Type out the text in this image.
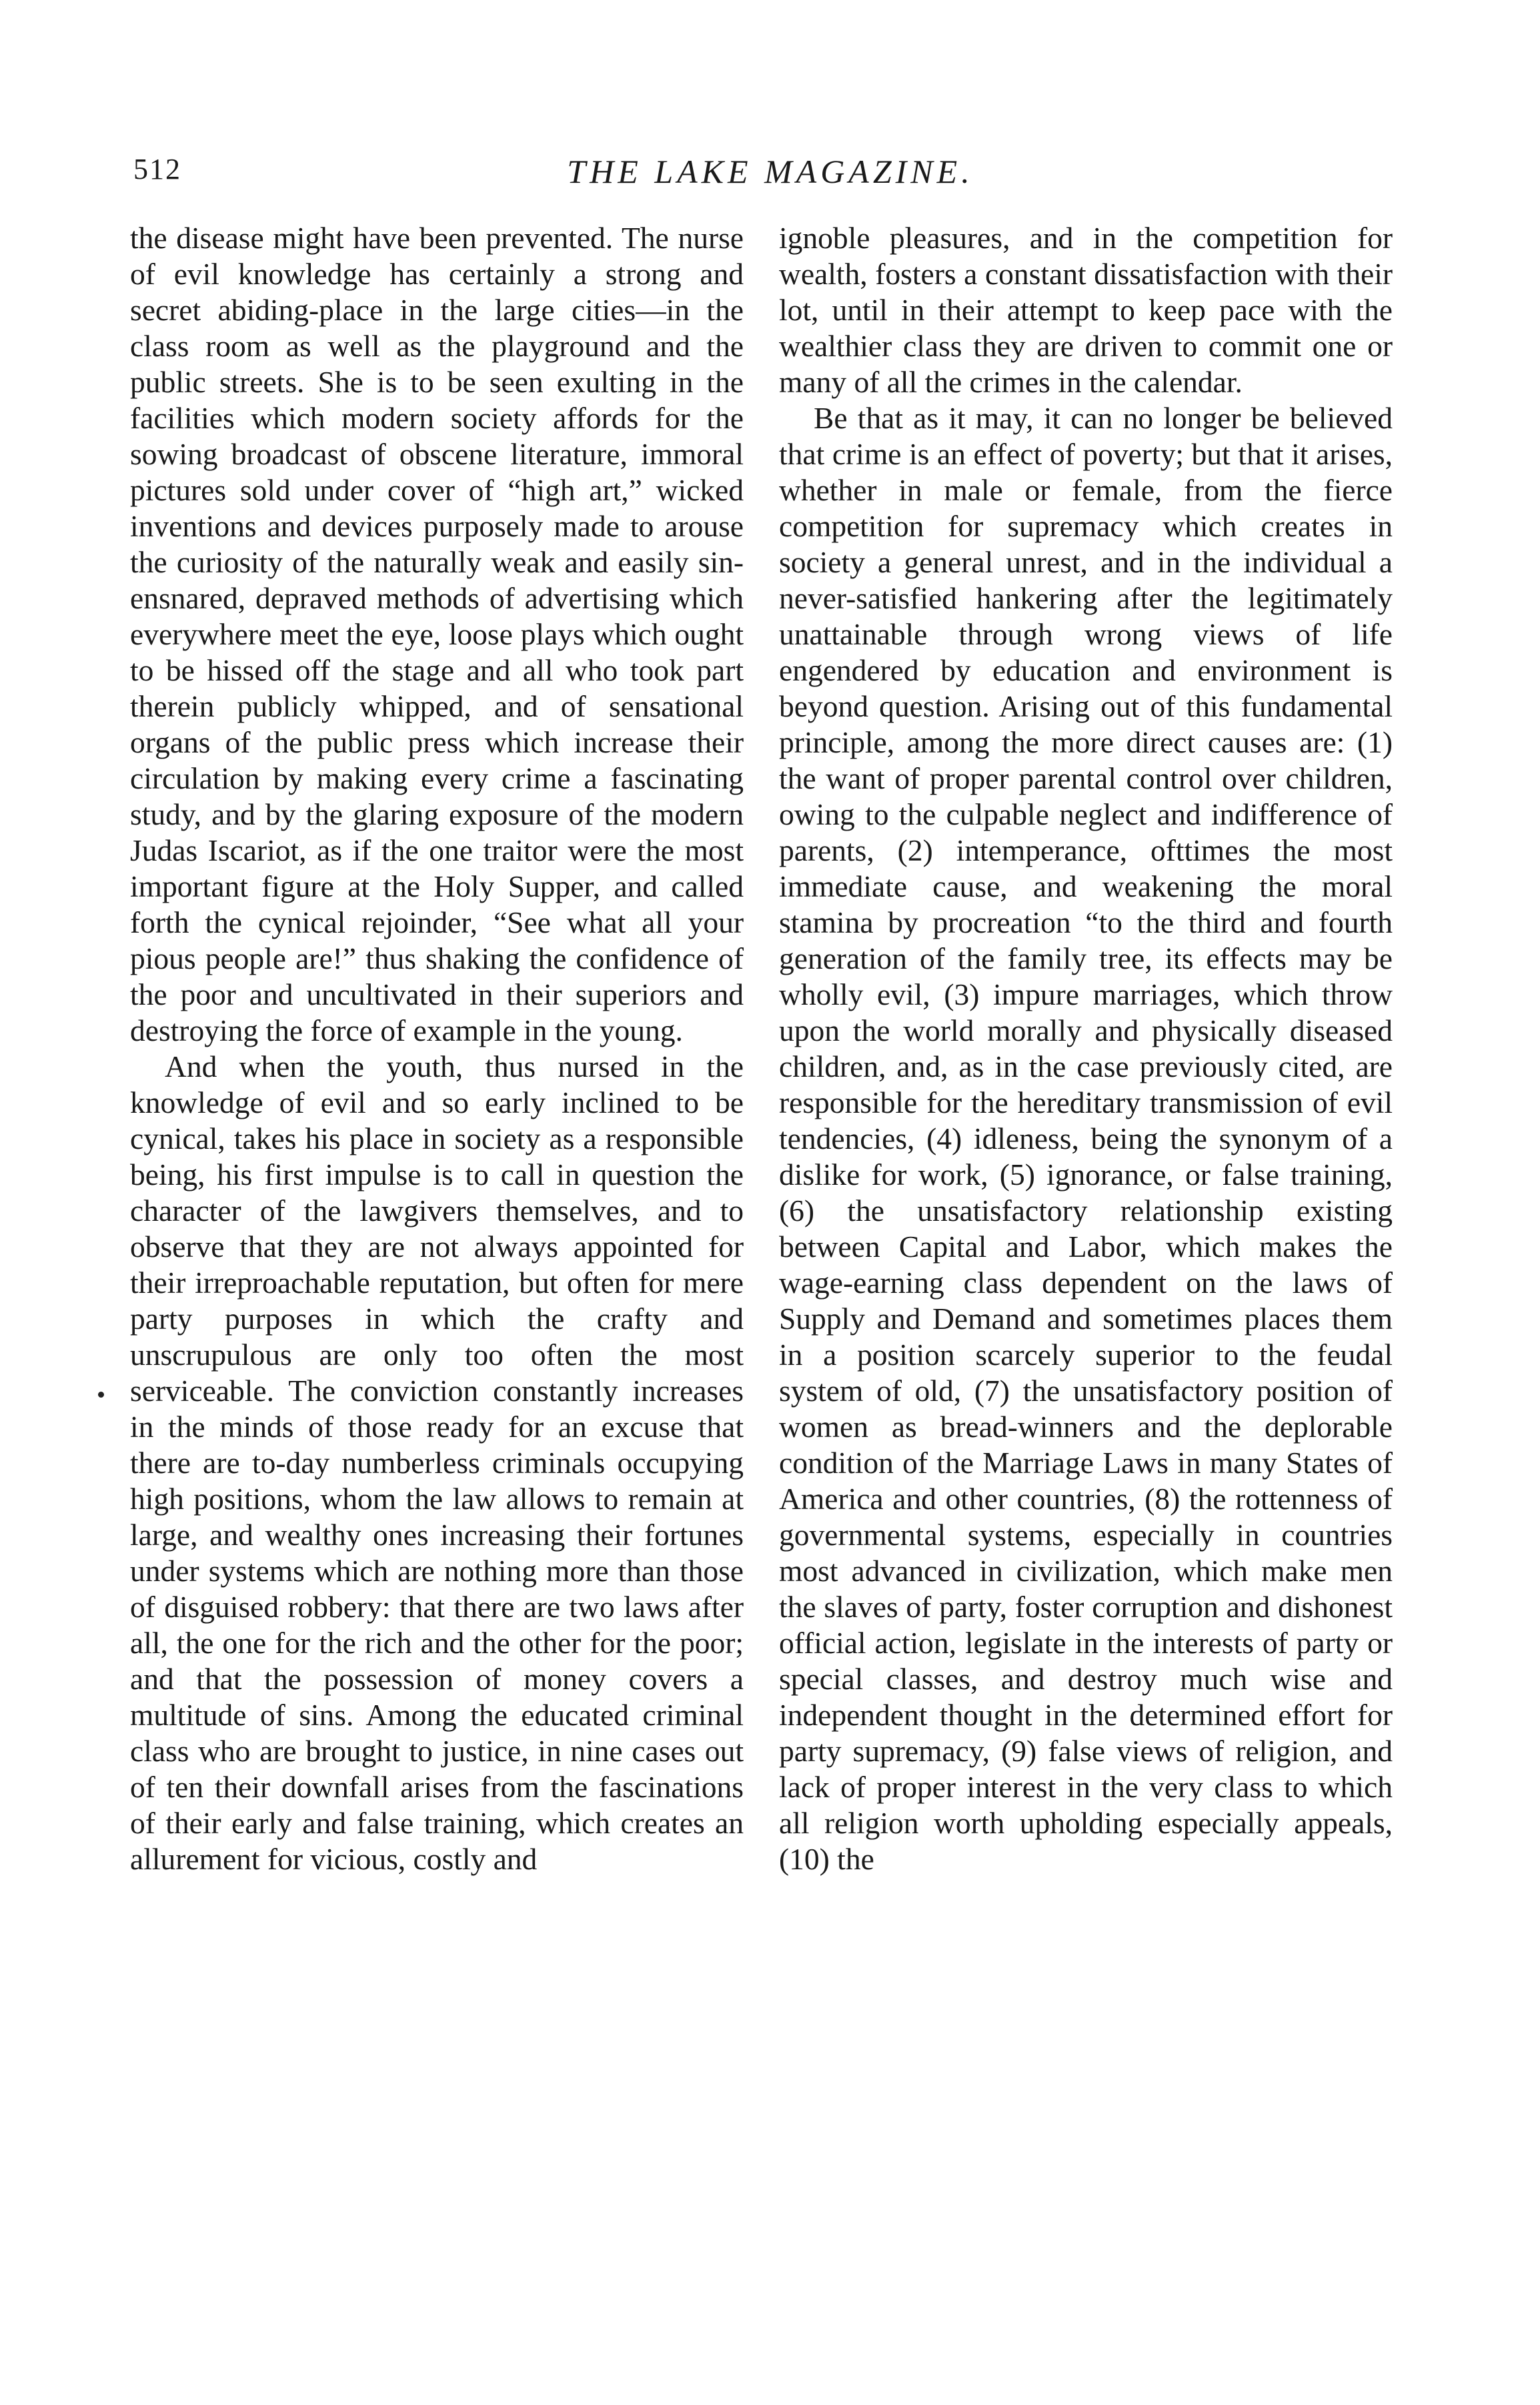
512	THE LAKE MAGAZINE.

the disease might have been prevented. The nurse of evil knowledge has certainly a strong and secret abiding-place in the large cities—in the class room as well as the playground and the public streets. She is to be seen exulting in the facilities which modern society affords for the sowing broadcast of obscene literature, immoral pictures sold under cover of “high art,” wicked inventions and devices purposely made to arouse the curiosity of the naturally weak and easily sin-ensnared, depraved methods of advertising which everywhere meet the eye, loose plays which ought to be hissed off the stage and all who took part therein publicly whipped, and of sensational organs of the public press which increase their circulation by making every crime a fascinating study, and by the glaring exposure of the modern Judas Iscariot, as if the one traitor were the most important figure at the Holy Supper, and called forth the cynical rejoinder, “See what all your pious people are!” thus shaking the confidence of the poor and uncultivated in their superiors and destroying the force of example in the young.

And when the youth, thus nursed in the knowledge of evil and so early inclined to be cynical, takes his place in society as a responsible being, his first impulse is to call in question the character of the lawgivers themselves, and to observe that they are not always appointed for their irreproachable reputation, but often for mere party purposes in which the crafty and unscrupulous are only too often the most serviceable. The conviction constantly increases in the minds of those ready for an excuse that there are to-day numberless criminals occupying high positions, whom the law allows to remain at large, and wealthy ones increasing their fortunes under systems which are nothing more than those of disguised robbery: that there are two laws after all, the one for the rich and the other for the poor; and that the possession of money covers a multitude of sins. Among the educated criminal class who are brought to justice, in nine cases out of ten their downfall arises from the fascinations of their early and false training, which creates an allurement for vicious, costly and

ignoble pleasures, and in the competition for wealth, fosters a constant dissatisfaction with their lot, until in their attempt to keep pace with the wealthier class they are driven to commit one or many of all the crimes in the calendar.

Be that as it may, it can no longer be believed that crime is an effect of poverty; but that it arises, whether in male or female, from the fierce competition for supremacy which creates in society a general unrest, and in the individual a never-satisfied hankering after the legitimately unattainable through wrong views of life engendered by education and environment is beyond question. Arising out of this fundamental principle, among the more direct causes are: (1) the want of proper parental control over children, owing to the culpable neglect and indifference of parents, (2) intemperance, ofttimes the most immediate cause, and weakening the moral stamina by procreation “to the third and fourth generation of the family tree, its effects may be wholly evil, (3) impure marriages, which throw upon the world morally and physically diseased children, and, as in the case previously cited, are responsible for the hereditary transmission of evil tendencies, (4) idleness, being the synonym of a dislike for work, (5) ignorance, or false training, (6) the unsatisfactory relationship existing between Capital and Labor, which makes the wage-earning class dependent on the laws of Supply and Demand and sometimes places them in a position scarcely superior to the feudal system of old, (7) the unsatisfactory position of women as bread-winners and the deplorable condition of the Marriage Laws in many States of America and other countries, (8) the rottenness of governmental systems, especially in countries most advanced in civilization, which make men the slaves of party, foster corruption and dishonest official action, legislate in the interests of party or special classes, and destroy much wise and independent thought in the determined effort for party supremacy, (9) false views of religion, and lack of proper interest in the very class to which all religion worth upholding especially appeals, (10) the
